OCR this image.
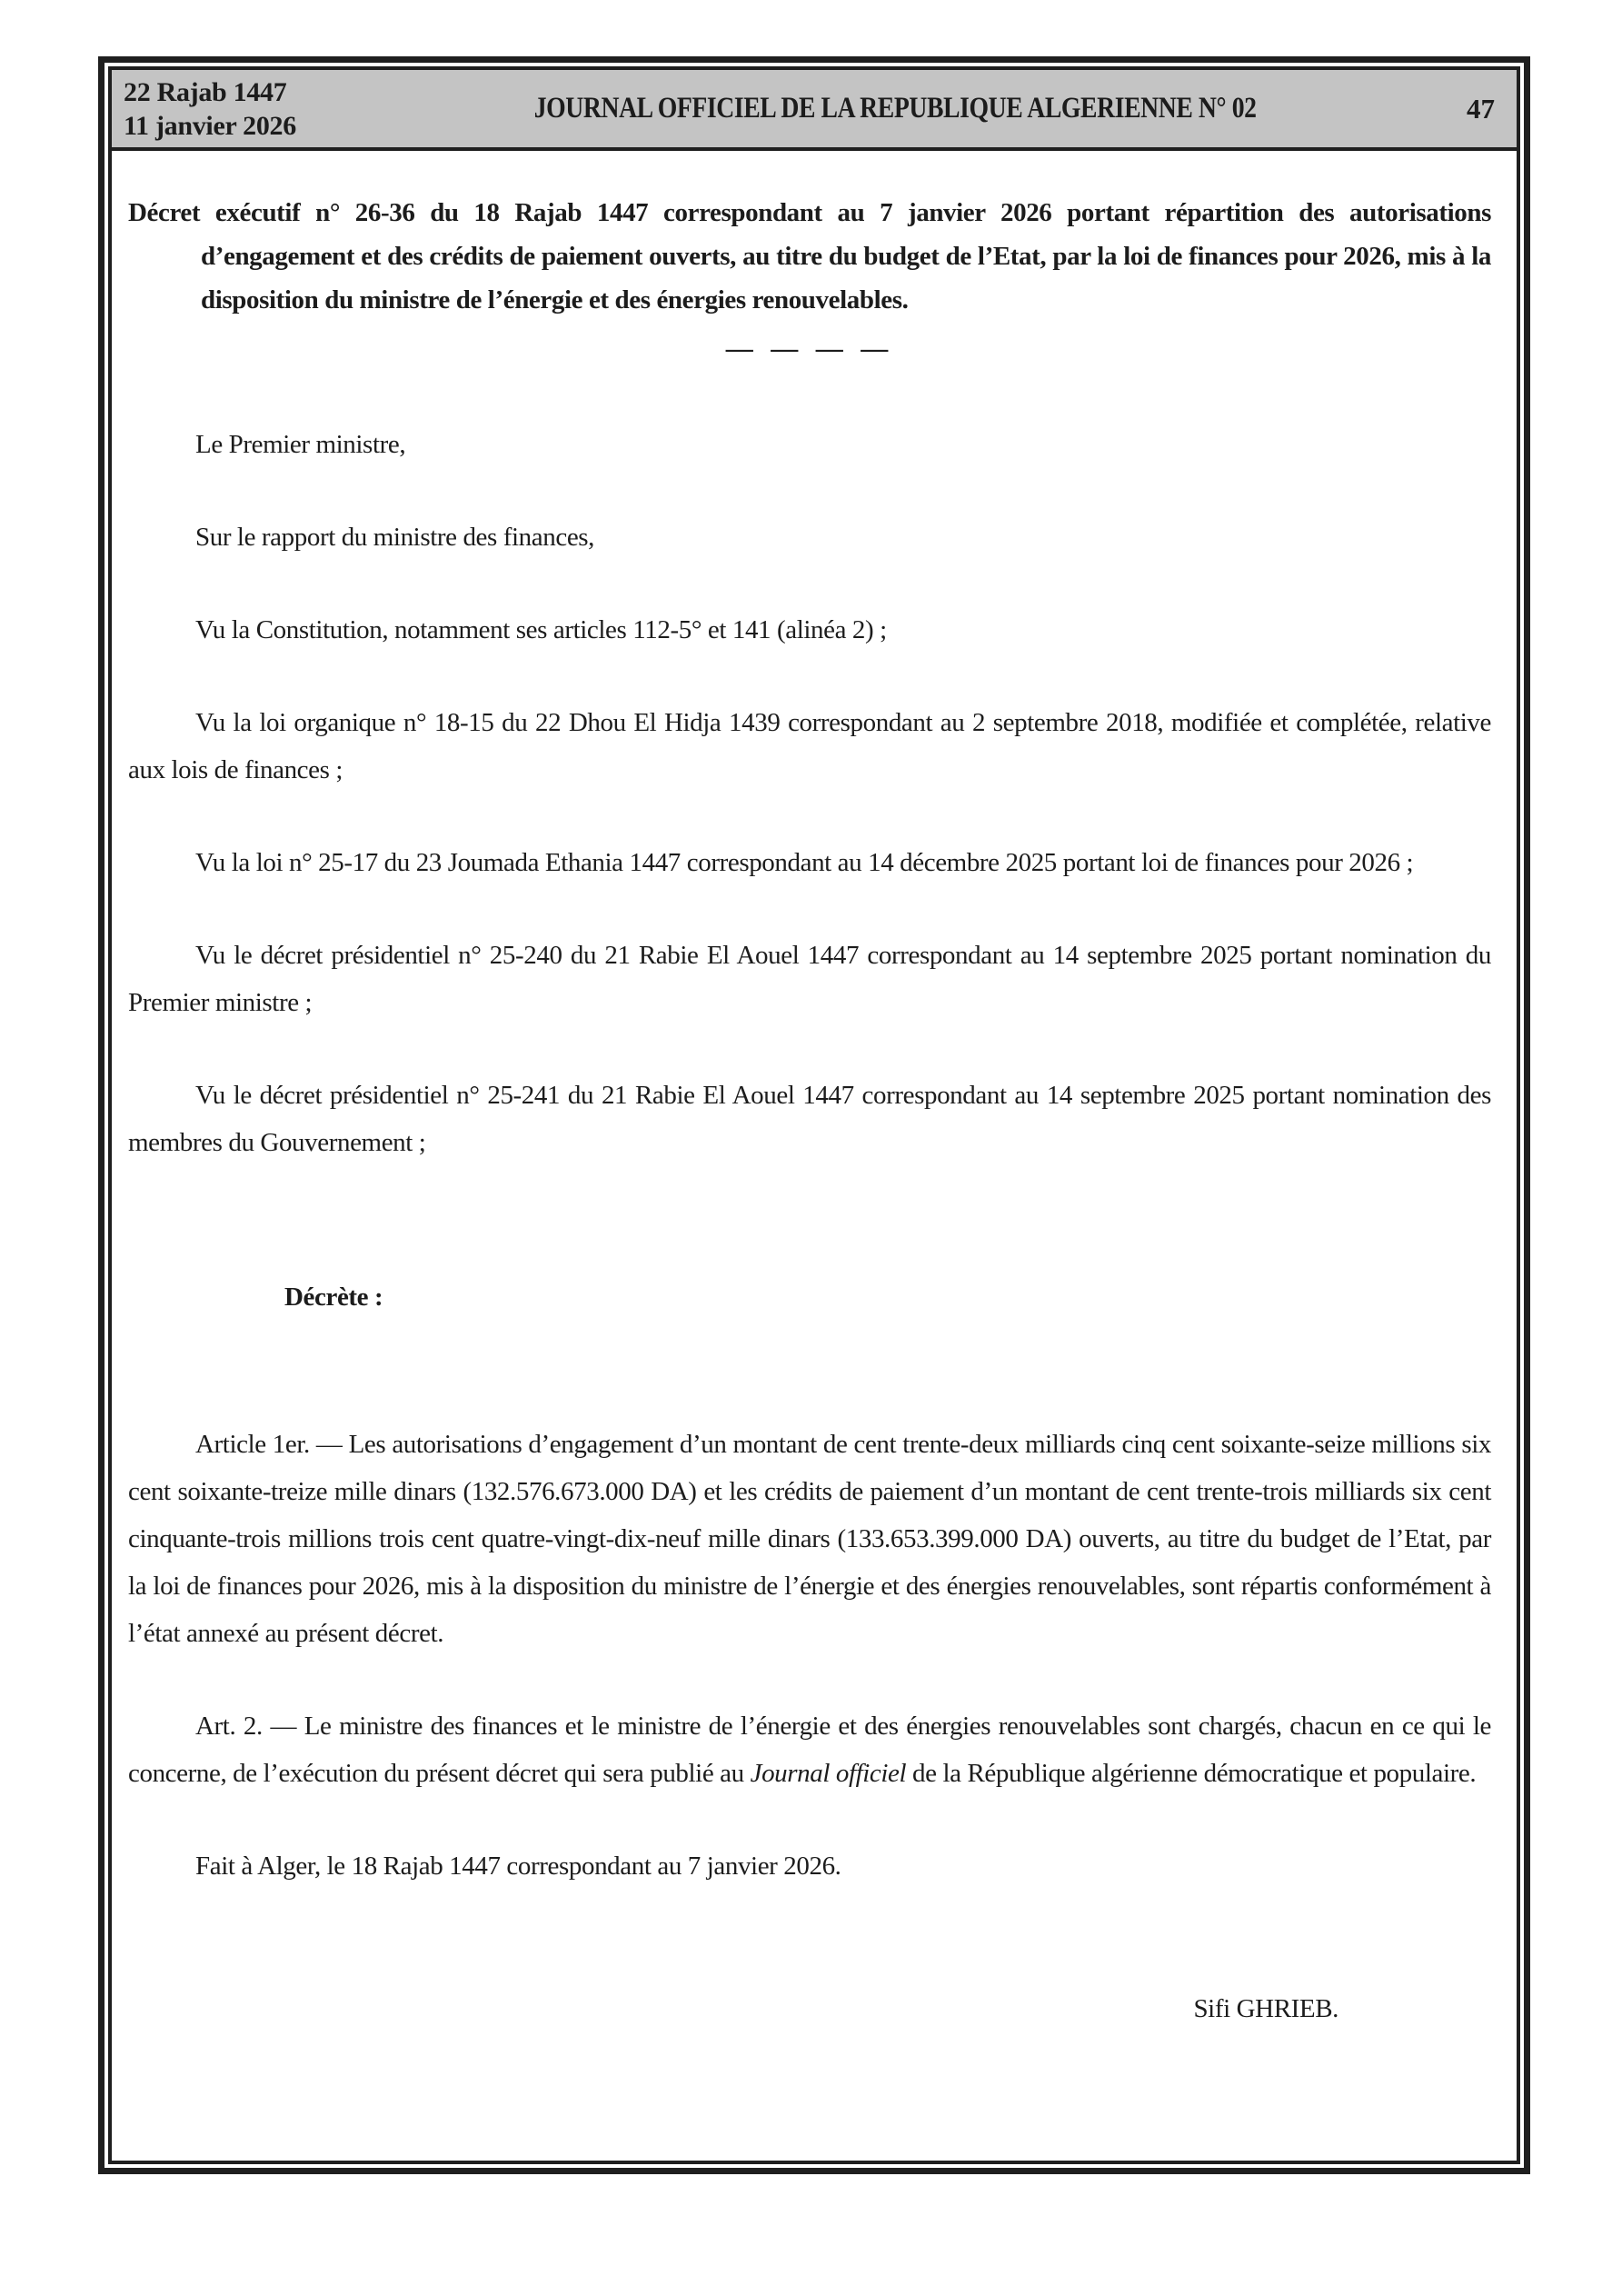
22 Rajab 1447
11 janvier 2026
JOURNAL OFFICIEL DE LA REPUBLIQUE ALGERIENNE N° 02	47
Décret exécutif n° 26-36 du 18 Rajab 1447 correspondant au 7 janvier 2026 portant répartition des autorisations d’engagement et des crédits de paiement ouverts, au titre du budget de l’Etat, par la loi de finances pour 2026, mis à la disposition du ministre de l’énergie et des énergies renouvelables.
— — — —

Le Premier ministre,

Sur le rapport du ministre des finances,

Vu la Constitution, notamment ses articles 112-5° et 141 (alinéa 2) ;

Vu la loi organique n° 18-15 du 22 Dhou El Hidja 1439 correspondant au 2 septembre 2018, modifiée et complétée, relative aux lois de finances ;

Vu la loi n° 25-17 du 23 Joumada Ethania 1447 correspondant au 14 décembre 2025 portant loi de finances pour 2026 ;

Vu le décret présidentiel n° 25-240 du 21 Rabie El Aouel 1447 correspondant au 14 septembre 2025 portant nomination du Premier ministre ;

Vu le décret présidentiel n° 25-241 du 21 Rabie El Aouel 1447 correspondant au 14 septembre 2025 portant nomination des membres du Gouvernement ;

Décrète :

Article 1er. — Les autorisations d’engagement d’un montant de cent trente-deux milliards cinq cent soixante-seize millions six cent soixante-treize mille dinars (132.576.673.000 DA) et les crédits de paiement d’un montant de cent trente-trois milliards six cent cinquante-trois millions trois cent quatre-vingt-dix-neuf mille dinars (133.653.399.000 DA) ouverts, au titre du budget de l’Etat, par la loi de finances pour 2026, mis à la disposition du ministre de l’énergie et des énergies renouvelables, sont répartis conformément à l’état annexé au présent décret.

Art. 2. — Le ministre des finances et le ministre de l’énergie et des énergies renouvelables sont chargés, chacun en ce qui le concerne, de l’exécution du présent décret qui sera publié au Journal officiel de la République algérienne démocratique et populaire.

Fait à Alger, le 18 Rajab 1447 correspondant au 7 janvier 2026.

Sifi GHRIEB.
